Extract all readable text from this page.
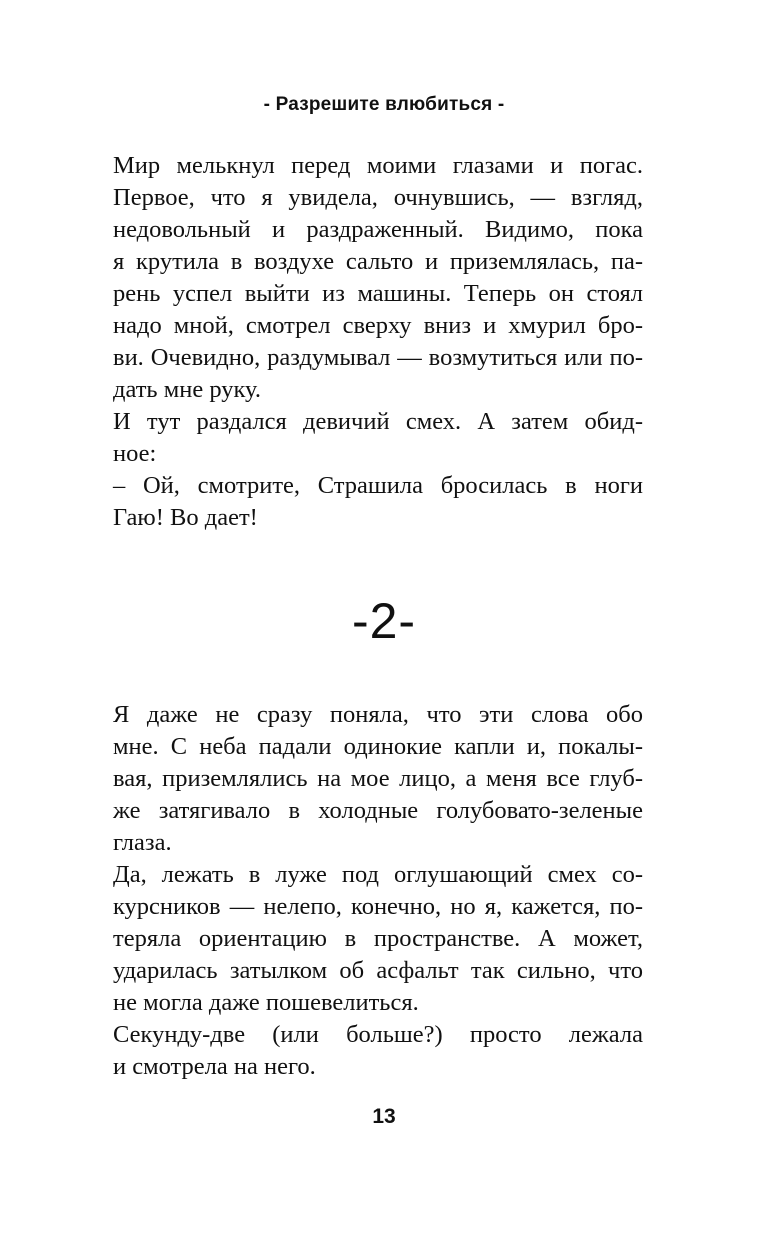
- Разрешите влюбиться -
Мир мелькнул перед моими глазами и погас.
Первое, что я увидела, очнувшись, — взгляд,
недовольный и раздраженный. Видимо, пока
я крутила в воздухе сальто и приземлялась, па-
рень успел выйти из машины. Теперь он стоял
надо мной, смотрел сверху вниз и хмурил бро-
ви. Очевидно, раздумывал — возмутиться или по-
дать мне руку.
И тут раздался девичий смех. А затем обид-
ное:
– Ой, смотрите, Страшила бросилась в ноги
Гаю! Во дает!
-2-
Я даже не сразу поняла, что эти слова обо
мне. С неба падали одинокие капли и, покалы-
вая, приземлялись на мое лицо, а меня все глуб-
же затягивало в холодные голубовато-зеленые
глаза.
Да, лежать в луже под оглушающий смех со-
курсников — нелепо, конечно, но я, кажется, по-
теряла ориентацию в пространстве. А может,
ударилась затылком об асфальт так сильно, что
не могла даже пошевелиться.
Секунду-две (или больше?) просто лежала
и смотрела на него.
13
